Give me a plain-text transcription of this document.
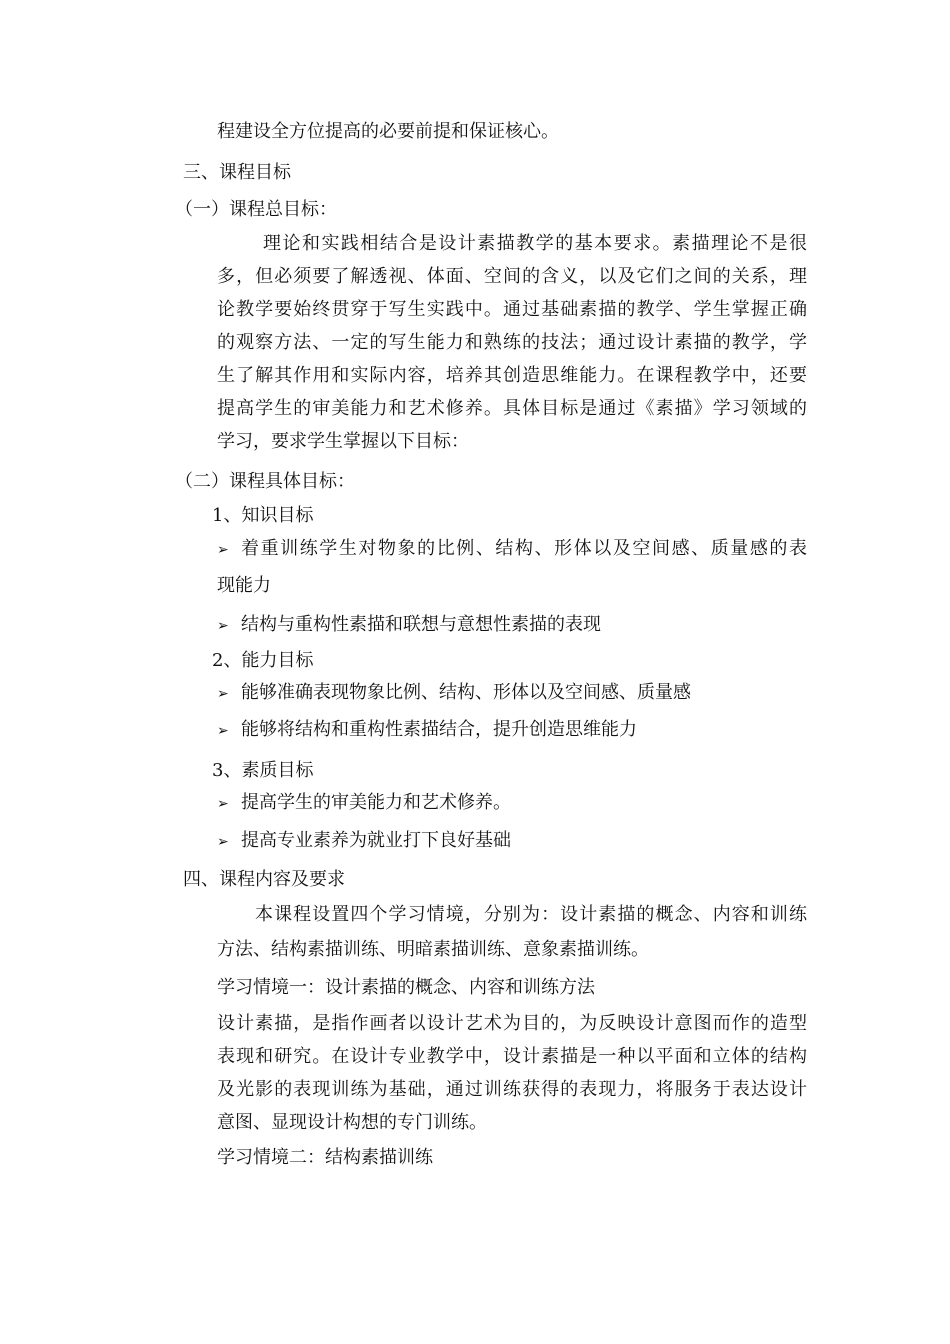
程建设全方位提高的必要前提和保证核心。
三、课程目标
（一）课程总目标：
理论和实践相结合是设计素描教学的基本要求。素描理论不是很
多，但必须要了解透视、体面、空间的含义，以及它们之间的关系，理
论教学要始终贯穿于写生实践中。通过基础素描的教学、学生掌握正确
的观察方法、一定的写生能力和熟练的技法；通过设计素描的教学，学
生了解其作用和实际内容，培养其创造思维能力。在课程教学中，还要
提高学生的审美能力和艺术修养。具体目标是通过《素描》学习领域的
学习，要求学生掌握以下目标：
（二）课程具体目标：
1、知识目标
➢ 着重训练学生对物象的比例、结构、形体以及空间感、质量感的表
现能力
➢ 结构与重构性素描和联想与意想性素描的表现
2、能力目标
➢ 能够准确表现物象比例、结构、形体以及空间感、质量感
➢ 能够将结构和重构性素描结合，提升创造思维能力
3、素质目标
➢ 提高学生的审美能力和艺术修养。
➢ 提高专业素养为就业打下良好基础
四、课程内容及要求
本课程设置四个学习情境，分别为：设计素描的概念、内容和训练
方法、结构素描训练、明暗素描训练、意象素描训练。
学习情境一：设计素描的概念、内容和训练方法
设计素描，是指作画者以设计艺术为目的，为反映设计意图而作的造型
表现和研究。在设计专业教学中，设计素描是一种以平面和立体的结构
及光影的表现训练为基础，通过训练获得的表现力，将服务于表达设计
意图、显现设计构想的专门训练。
学习情境二：结构素描训练
